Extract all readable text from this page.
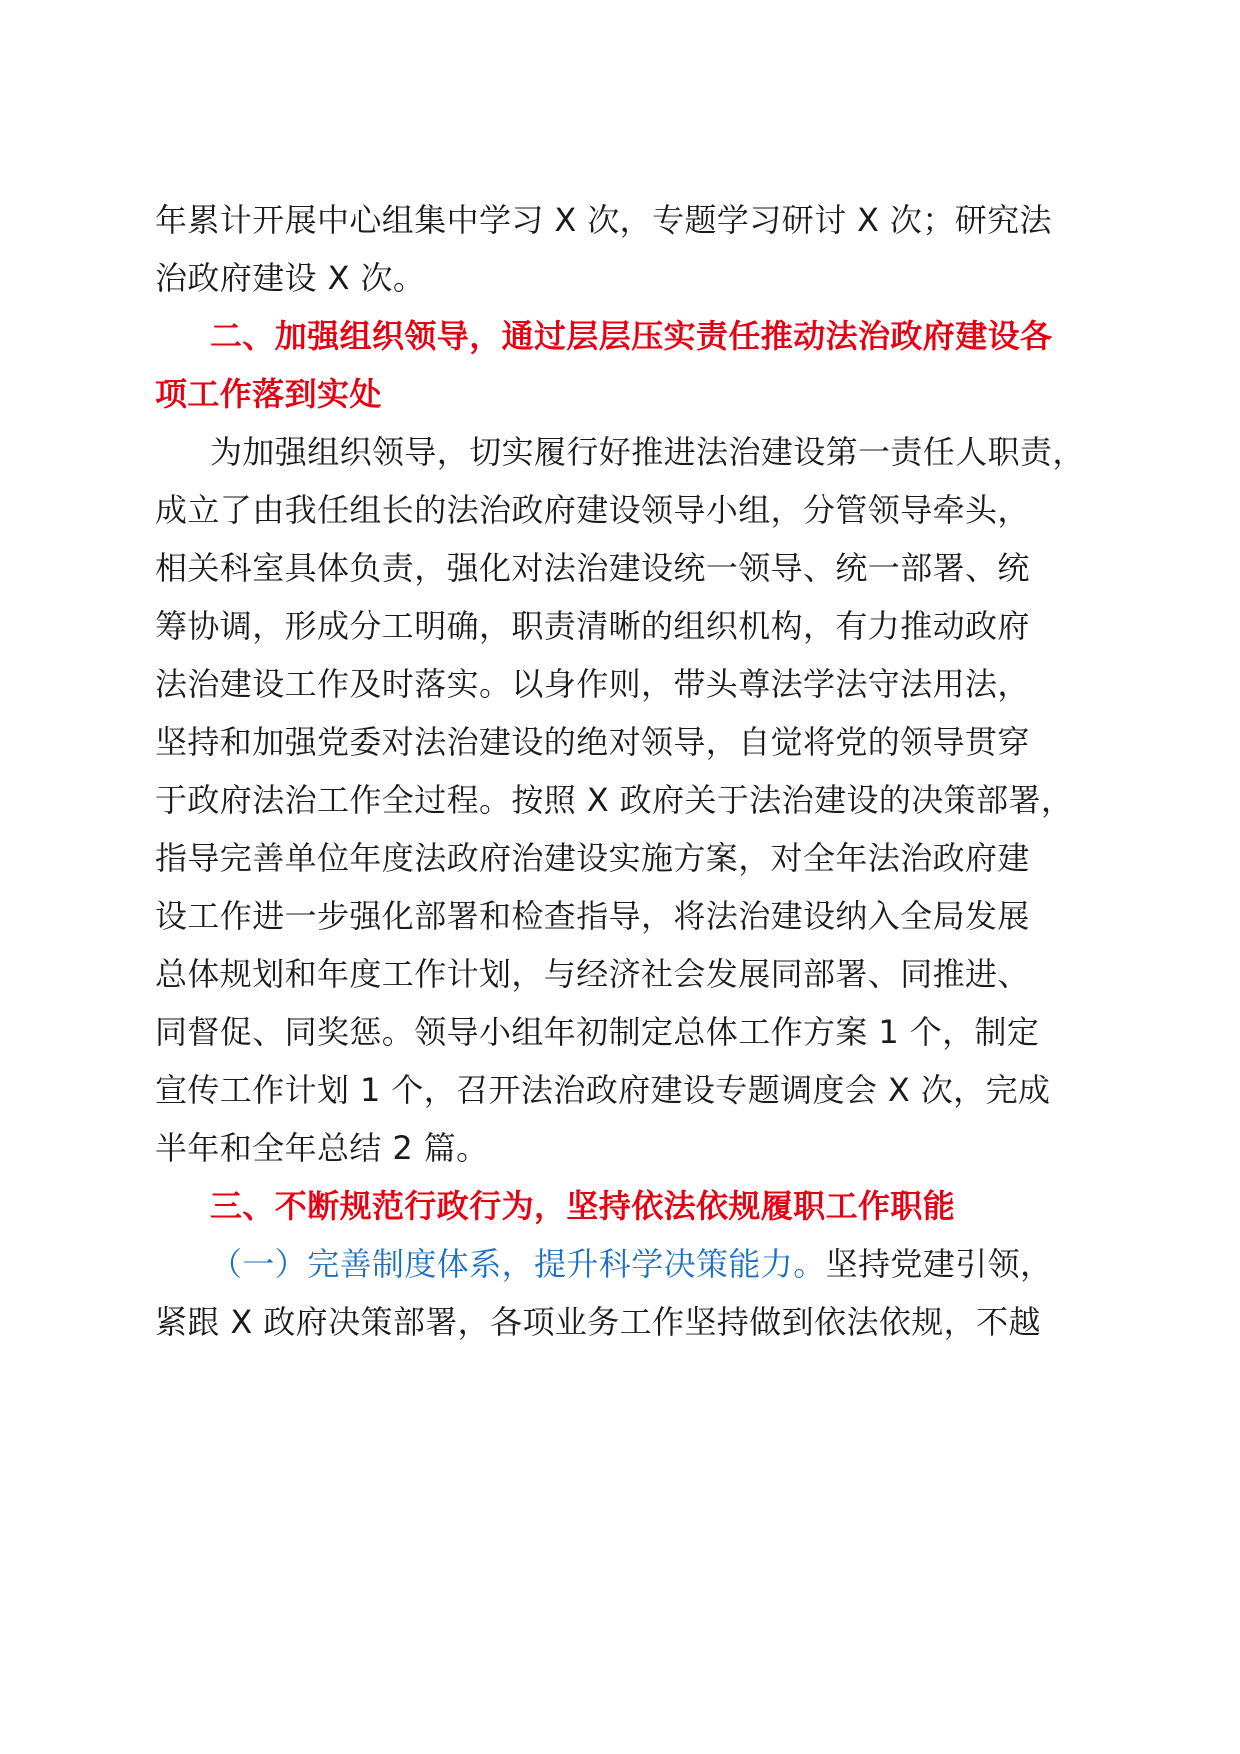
年累计开展中心组集中学习 X 次，专题学习研讨 X 次；研究法

治政府建设 X 次。

二、加强组织领导，通过层层压实责任推动法治政府建设各

项工作落到实处

为加强组织领导，切实履行好推进法治建设第一责任人职责，

成立了由我任组长的法治政府建设领导小组，分管领导牵头，

相关科室具体负责，强化对法治建设统一领导、统一部署、统

筹协调，形成分工明确，职责清晰的组织机构，有力推动政府

法治建设工作及时落实。以身作则，带头尊法学法守法用法，

坚持和加强党委对法治建设的绝对领导，自觉将党的领导贯穿

于政府法治工作全过程。按照 X 政府关于法治建设的决策部署，

指导完善单位年度法政府治建设实施方案，对全年法治政府建

设工作进一步强化部署和检查指导，将法治建设纳入全局发展

总体规划和年度工作计划，与经济社会发展同部署、同推进、

同督促、同奖惩。领导小组年初制定总体工作方案 1 个，制定

宣传工作计划 1 个，召开法治政府建设专题调度会 X 次，完成

半年和全年总结 2 篇。

三、不断规范行政行为，坚持依法依规履职工作职能

（一）完善制度体系，提升科学决策能力。坚持党建引领，

紧跟 X 政府决策部署，各项业务工作坚持做到依法依规，不越
